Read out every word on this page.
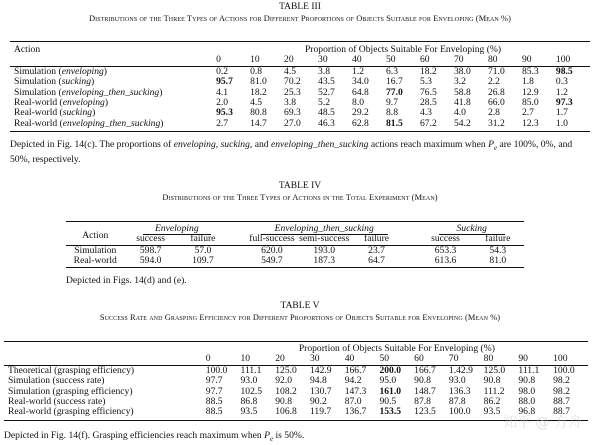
TABLE III
Distributions of the Three Types of Actions for Different Proportions of Objects Suitable for Enveloping (Mean %)
Action	Proportion of Objects Suitable For Enveloping (%)										
	0	10	20	30	40	50	60	70	80	90	100
Simulation (enveloping)	0.2	0.8	4.5	3.8	1.2	6.3	18.2	38.0	71.0	85.3	98.5
Simulation (sucking)	95.7	81.0	70.2	43.5	34.0	16.7	5.3	3.2	2.2	1.8	0.3
Simulation (enveloping_then_sucking)	4.1	18.2	25.3	52.7	64.8	77.0	76.5	58.8	26.8	12.9	1.2
Real-world (enveloping)	2.0	4.5	3.8	5.2	8.0	9.7	28.5	41.8	66.0	85.0	97.3
Real-world (sucking)	95.3	80.8	69.3	48.5	29.2	8.8	4.3	4.0	2.8	2.7	1.7
Real-world (enveloping_then_sucking)	2.7	14.7	27.0	46.3	62.8	81.5	67.2	54.2	31.2	12.3	1.0
Depicted in Fig. 14(c). The proportions of enveloping, sucking, and enveloping_then_sucking actions reach maximum when $P_e$ are 100%, 0%, and 50%, respectively.
TABLE IV
Distributions of the Three Types of Actions in the Total Experiment (Mean)
Action	Enveloping			Enveloping_then_sucking				Sucking	
	success	failure		full-success	semi-success	failure		success	failure
Simulation	598.7	57.0		620.0	193.0	23.7		653.3	54.3
Real-world	594.0	109.7		549.7	187.3	64.7		613.6	81.0
Depicted in Figs. 14(d) and (e).
TABLE V
Success Rate and Grasping Efficiency for Different Proportions of Objects Suitable for Enveloping (Mean %)
	Proportion of Objects Suitable For Enveloping (%)										
	0	10	20	30	40	50	60	70	80	90	100
Theoretical (grasping efficiency)	100.0	111.1	125.0	142.9	166.7	200.0	166.7	1.42.9	125.0	111.1	100.0
Simulation (success rate)	97.7	93.0	92.0	94.8	94.2	95.0	90.8	93.0	90.8	90.8	98.2
Simulation (grasping efficiency)	97.7	102.5	108.2	130.7	147.3	161.0	148.7	136.3	111.2	98.0	98.2
Real-world (success rate)	88.5	86.8	90.8	90.2	87.0	90.5	87.8	87.8	86.2	88.0	88.7
Real-world (grasping efficiency)	88.5	93.5	106.8	119.7	136.7	153.5	123.5	100.0	93.5	96.8	88.7
Depicted in Fig. 14(f). Grasping efficiencies reach maximum when $P_e$ is 50%.
知乎 @ 方舟
